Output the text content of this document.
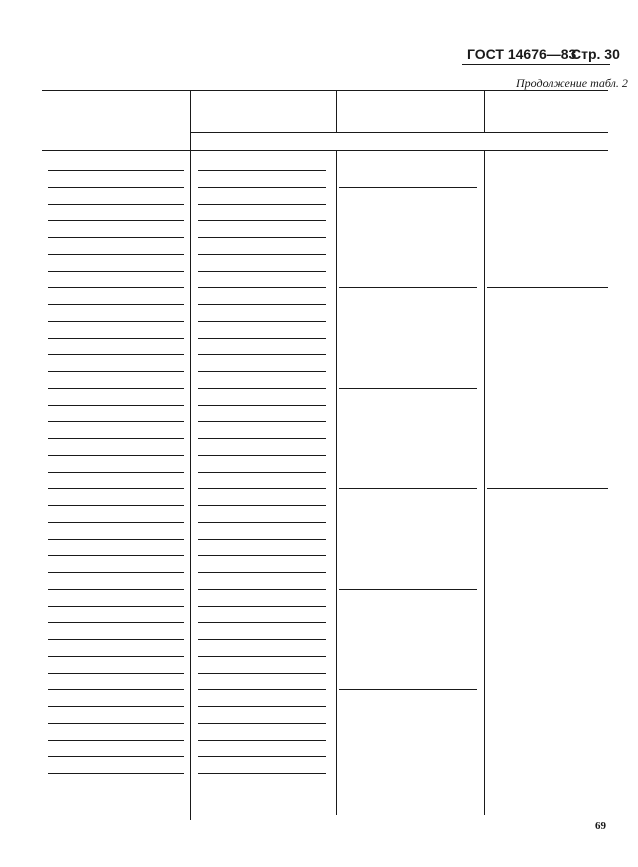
ГОСТ 14676—83
Стр. 30
Продолжение табл. 2
69
